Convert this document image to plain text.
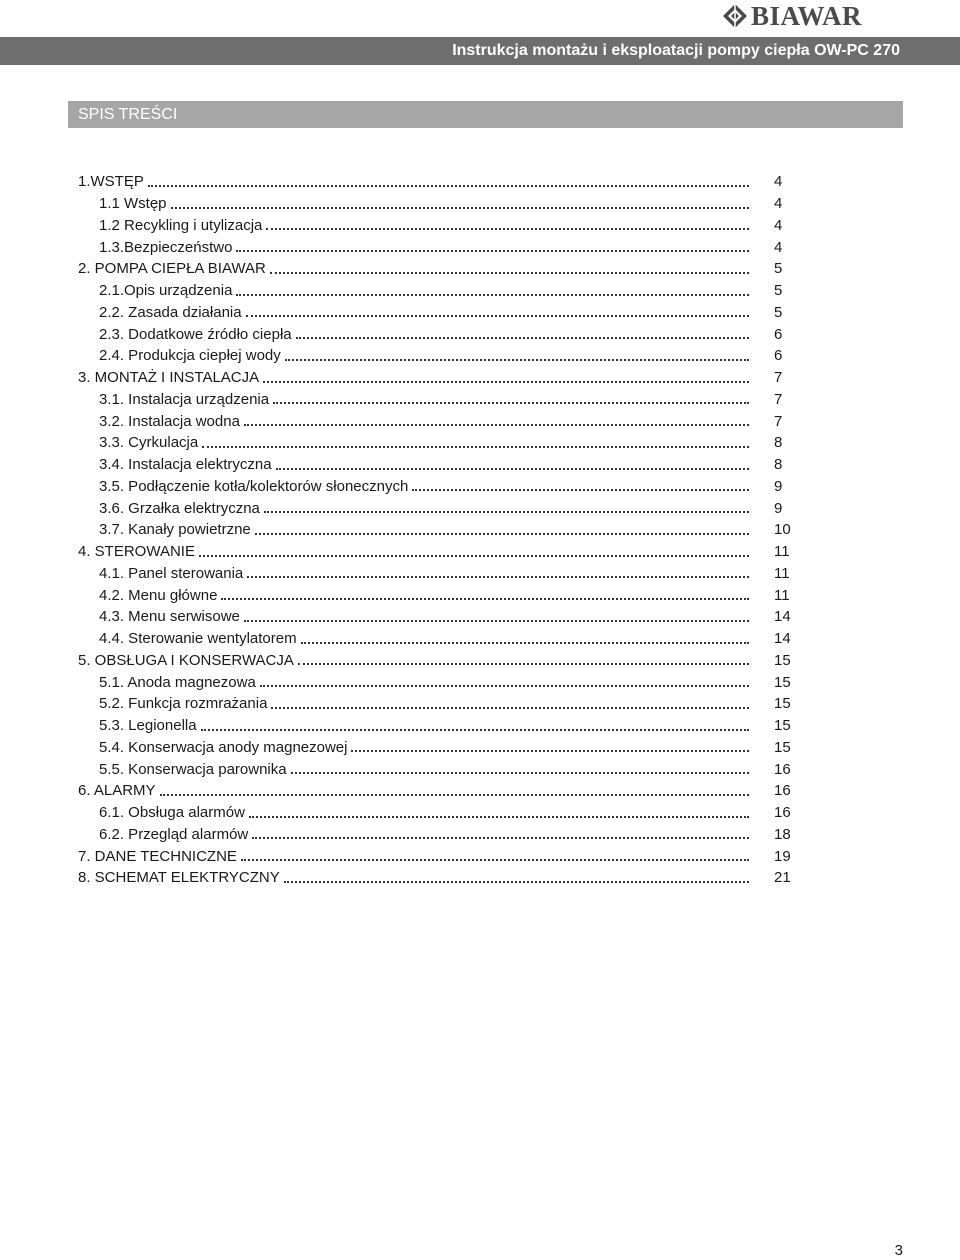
BIAWAR
Instrukcja montażu i eksploatacji pompy ciepła OW-PC 270
SPIS TREŚCI
1.WSTĘP	4
1.1 Wstęp	4
1.2 Recykling i utylizacja	4
1.3.Bezpieczeństwo	4
2. POMPA CIEPŁA BIAWAR	5
2.1.Opis urządzenia	5
2.2. Zasada działania	5
2.3. Dodatkowe źródło ciepła	6
2.4. Produkcja ciepłej wody	6
3. MONTAŻ I INSTALACJA	7
3.1. Instalacja urządzenia	7
3.2. Instalacja wodna	7
3.3. Cyrkulacja	8
3.4. Instalacja elektryczna	8
3.5. Podłączenie kotła/kolektorów słonecznych	9
3.6. Grzałka elektryczna	9
3.7. Kanały powietrzne	10
4. STEROWANIE	11
4.1. Panel sterowania	11
4.2. Menu główne	11
4.3. Menu serwisowe	14
4.4. Sterowanie wentylatorem	14
5. OBSŁUGA I KONSERWACJA	15
5.1. Anoda magnezowa	15
5.2. Funkcja rozmrażania	15
5.3. Legionella	15
5.4. Konserwacja anody magnezowej	15
5.5. Konserwacja parownika	16
6. ALARMY	16
6.1. Obsługa alarmów	16
6.2. Przegląd alarmów	18
7. DANE TECHNICZNE	19
8. SCHEMAT ELEKTRYCZNY	21
3
